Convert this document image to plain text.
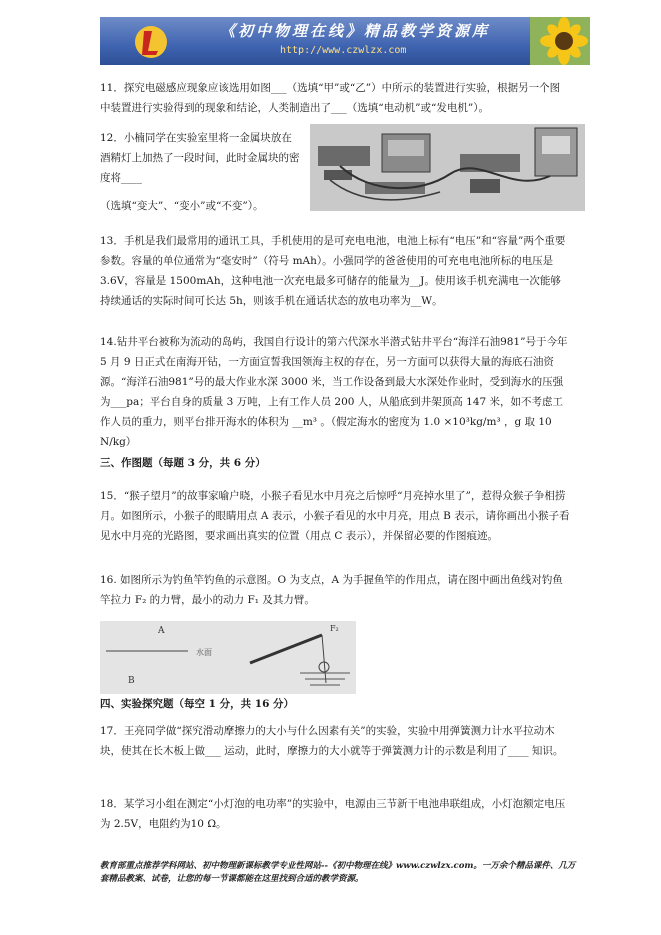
《初中物理在线》精品教学资源库
http://www.czwlzx.com
11．探究电磁感应现象应该选用如图___（选填“甲”或“乙”）中所示的装置进行实验，根据另一个图中装置进行实验得到的现象和结论，人类制造出了___（选填“电动机”或“发电机”）。
12．小楠同学在实验室里将一金属块放在酒精灯上加热了一段时间，此时金属块的密度将____
（选填“变大”、“变小”或“不变”）。
13．手机是我们最常用的通讯工具，手机使用的是可充电电池，电池上标有“电压”和“容量”两个重要参数。容量的单位通常为“毫安时”（符号 mAh）。小强同学的爸爸使用的可充电电池所标的电压是 3.6V，容量是 1500mAh，这种电池一次充电最多可储存的能量为__J。使用该手机充满电一次能够持续通话的实际时间可长达 5h，则该手机在通话状态的放电功率为__W。
14.钻井平台被称为流动的岛屿，我国自行设计的第六代深水半潜式钻井平台“海洋石油981”号于今年 5 月 9 日正式在南海开钻，一方面宣誓我国领海主权的存在，另一方面可以获得大量的海底石油资源。“海洋石油981”号的最大作业水深 3000 米，当工作设备到最大水深处作业时，受到海水的压强为___pa；平台自身的质量 3 万吨，上有工作人员 200 人，从船底到井架顶高 147 米，如不考虑工作人员的重力，则平台排开海水的体积为 __m³ 。（假定海水的密度为 1.0 ×10³kg/m³ ，g 取 10 N/kg）
三、作图题（每题 3 分，共 6 分）
15．“猴子望月”的故事家喻户晓，小猴子看见水中月亮之后惊呼“月亮掉水里了”，惹得众猴子争相捞月。如图所示，小猴子的眼睛用点 A 表示，小猴子看见的水中月亮，用点 B 表示，请你画出小猴子看见水中月亮的光路图，要求画出真实的位置（用点 C 表示），并保留必要的作图痕迹。
16. 如图所示为钓鱼竿钓鱼的示意图。O 为支点，A 为手握鱼竿的作用点，请在图中画出鱼线对钓鱼竿拉力 F₂ 的力臂，最小的动力 F₁ 及其力臂。
A
B
水面
F₂
四、实验探究题（每空 1 分，共 16 分）
17．王亮同学做“探究滑动摩擦力的大小与什么因素有关”的实验，实验中用弹簧测力计水平拉动木块，使其在长木板上做___ 运动，此时，摩擦力的大小就等于弹簧测力计的示数是利用了____ 知识。
18．某学习小组在测定“小灯泡的电功率”的实验中，电源由三节新干电池串联组成，小灯泡额定电压为 2.5V，电阻约为10 Ω。
教育部重点推荐学科网站、初中物理新课标教学专业性网站--《初中物理在线》www.czwlzx.com。一万余个精品课件、几万套精品教案、试卷，让您的每一节课都能在这里找到合适的教学资源。
